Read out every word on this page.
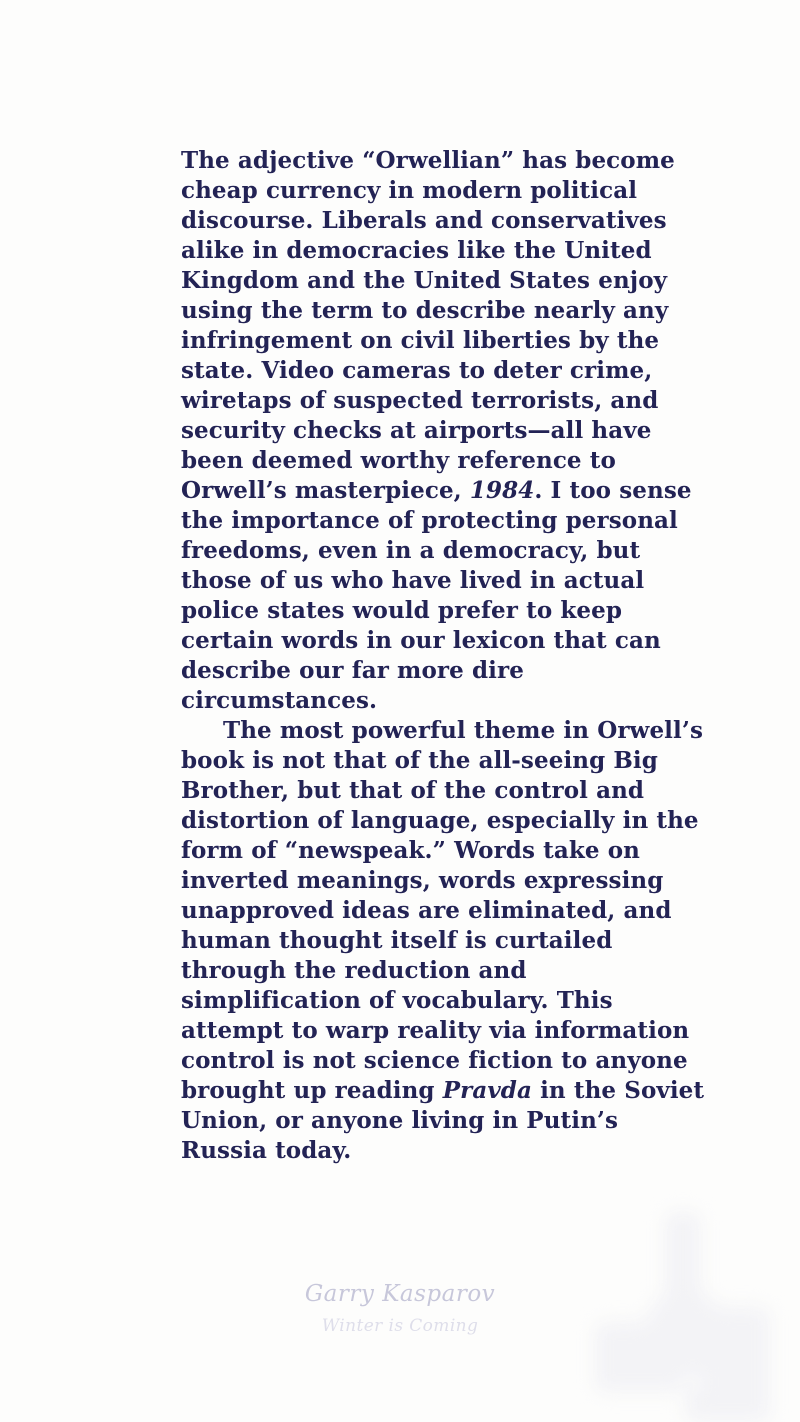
The adjective “Orwellian” has become
cheap currency in modern political
discourse. Liberals and conservatives
alike in democracies like the United
Kingdom and the United States enjoy
using the term to describe nearly any
infringement on civil liberties by the
state. Video cameras to deter crime,
wiretaps of suspected terrorists, and
security checks at airports—all have
been deemed worthy reference to
Orwell’s masterpiece, 1984. I too sense
the importance of protecting personal
freedoms, even in a democracy, but
those of us who have lived in actual
police states would prefer to keep
certain words in our lexicon that can
describe our far more dire
circumstances.

The most powerful theme in Orwell’s
book is not that of the all-seeing Big
Brother, but that of the control and
distortion of language, especially in the
form of “newspeak.” Words take on
inverted meanings, words expressing
unapproved ideas are eliminated, and
human thought itself is curtailed
through the reduction and
simplification of vocabulary. This
attempt to warp reality via information
control is not science fiction to anyone
brought up reading Pravda in the Soviet
Union, or anyone living in Putin’s
Russia today.

Garry Kasparov
Winter is Coming
